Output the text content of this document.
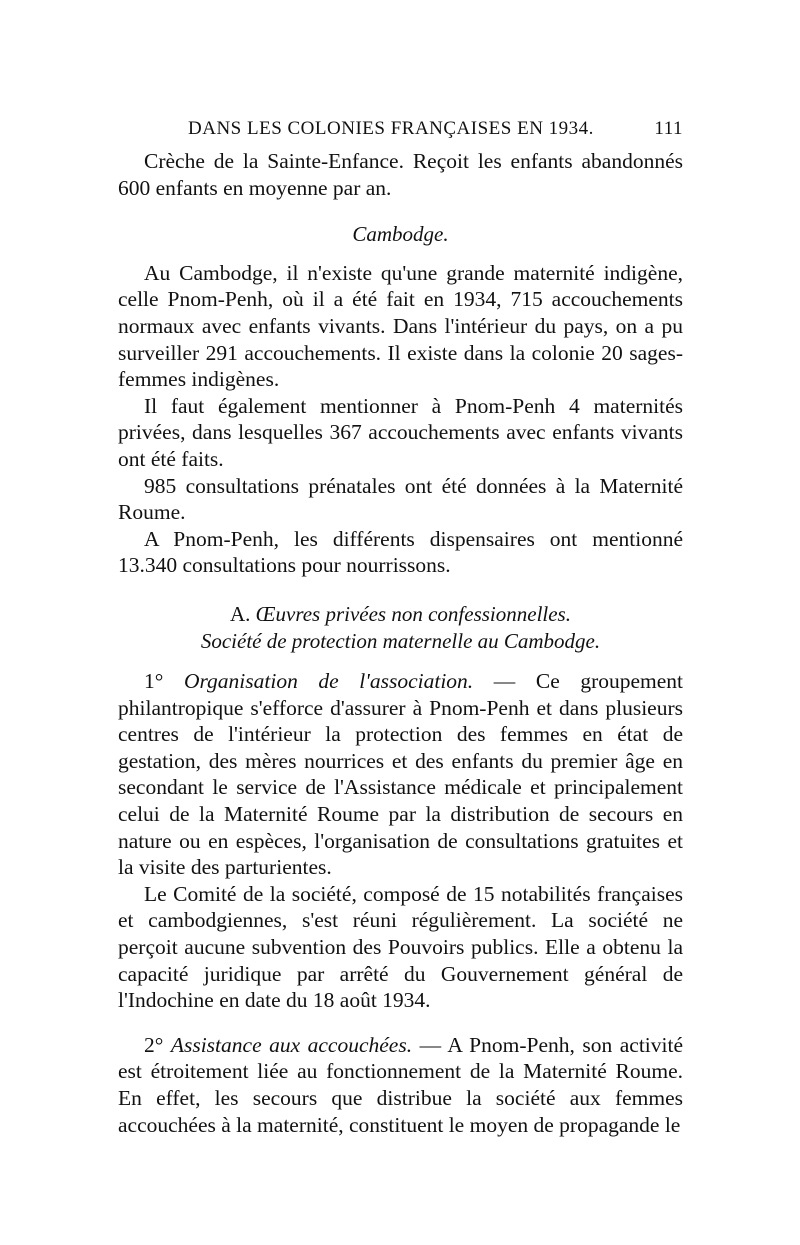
DANS LES COLONIES FRANÇAISES EN 1934.	111

Crèche de la Sainte-Enfance. Reçoit les enfants abandonnés 600 enfants en moyenne par an.

Cambodge.

Au Cambodge, il n'existe qu'une grande maternité indigène, celle Pnom-Penh, où il a été fait en 1934, 715 accouchements normaux avec enfants vivants. Dans l'intérieur du pays, on a pu surveiller 291 accouchements. Il existe dans la colonie 20 sages-femmes indigènes.

Il faut également mentionner à Pnom-Penh 4 maternités privées, dans lesquelles 367 accouchements avec enfants vivants ont été faits.

985 consultations prénatales ont été données à la Maternité Roume.

A Pnom-Penh, les différents dispensaires ont mentionné 13.340 consultations pour nourrissons.

A. Œuvres privées non confessionnelles.
Société de protection maternelle au Cambodge.

1° Organisation de l'association. — Ce groupement philantropique s'efforce d'assurer à Pnom-Penh et dans plusieurs centres de l'intérieur la protection des femmes en état de gestation, des mères nourrices et des enfants du premier âge en secondant le service de l'Assistance médicale et principalement celui de la Maternité Roume par la distribution de secours en nature ou en espèces, l'organisation de consultations gratuites et la visite des parturientes.

Le Comité de la société, composé de 15 notabilités françaises et cambodgiennes, s'est réuni régulièrement. La société ne perçoit aucune subvention des Pouvoirs publics. Elle a obtenu la capacité juridique par arrêté du Gouvernement général de l'Indochine en date du 18 août 1934.

2° Assistance aux accouchées. — A Pnom-Penh, son activité est étroitement liée au fonctionnement de la Maternité Roume. En effet, les secours que distribue la société aux femmes accouchées à la maternité, constituent le moyen de propagande le
